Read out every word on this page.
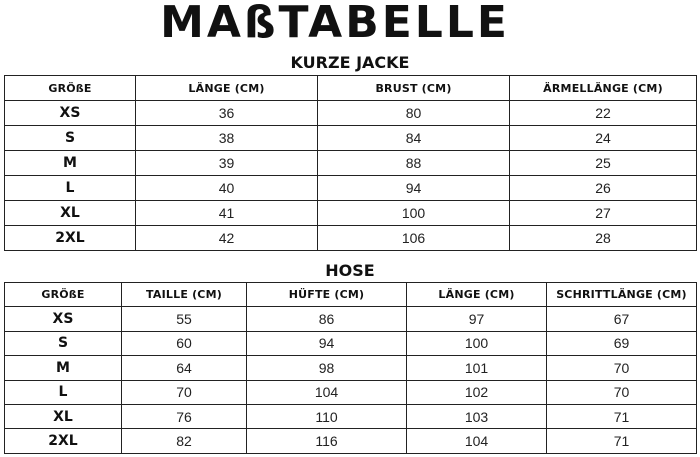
MAßTABELLE
KURZE JACKE
GRÖßE	LÄNGE (CM)	BRUST (CM)	ÄRMELLÄNGE (CM)
XS	36	80	22
S	38	84	24
M	39	88	25
L	40	94	26
XL	41	100	27
2XL	42	106	28
HOSE
GRÖßE	TAILLE (CM)	HÜFTE (CM)	LÄNGE (CM)	SCHRITTLÄNGE (CM)
XS	55	86	97	67
S	60	94	100	69
M	64	98	101	70
L	70	104	102	70
XL	76	110	103	71
2XL	82	116	104	71
